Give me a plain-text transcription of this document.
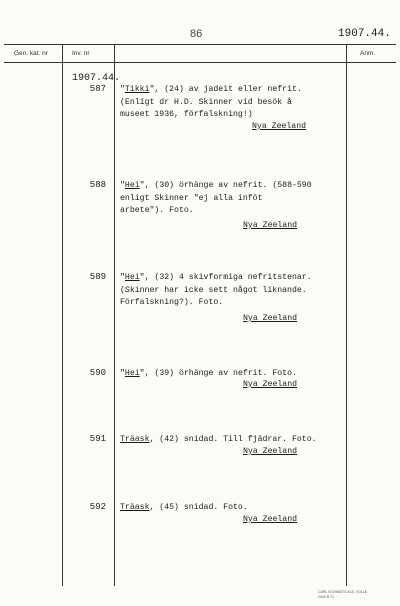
86	1907.44.
Gen. kat. nr	Inv. nr	Anm.
1907.44.
587 "Tikki", (24) av jadeit eller nefrit.
(Enligt dr H.D. Skinner vid besök å
museet 1936, förfalskning!)
Nya Zeeland
588 "Hei", (30) örhänge av nefrit. (588-590
enligt Skinner "ej alla inföt
arbete"). Foto.
Nya Zeeland
589 "Hei", (32) 4 skivformiga nefritstenar.
(Skinner har icke sett något liknande.
Förfalskning?). Foto.
Nya Zeeland
590 "Hei", (39) örhänge av nefrit. Foto.
Nya Zeeland
591 Träask, (42) snidad. Till fjädrar. Foto.
Nya Zeeland
592 Träask, (45) snidad. Foto.
Nya Zeeland
CARL SCHMIDTS ALS. VOLLE
2442 B 71
